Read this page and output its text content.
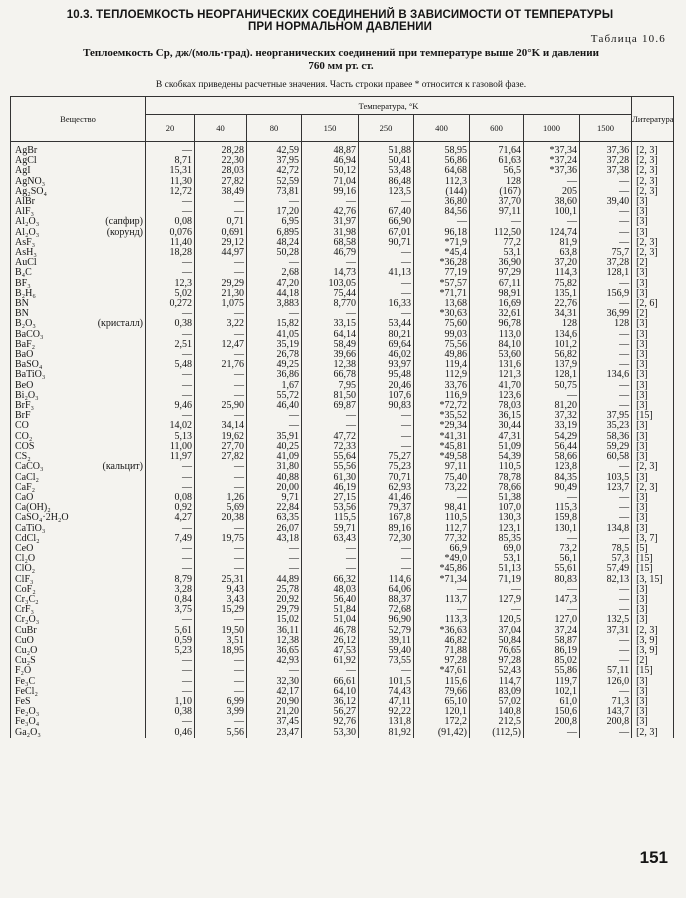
10.3. ТЕПЛОЕМКОСТЬ НЕОРГАНИЧЕСКИХ СОЕДИНЕНИЙ В ЗАВИСИМОСТИ ОТ ТЕМПЕРАТУРЫ
ПРИ НОРМАЛЬНОМ ДАВЛЕНИИ
Таблица 10.6
Теплоемкость Cp, дж/(моль·град). неорганических соединений при температуре выше 20°K и давлении
760 мм рт. ст.
В скобках приведены расчетные значения. Часть строки правее * относится к газовой фазе.
Вещество		Температура, °K									Литература
		20	40	80	150	250	400	600	1000	1500	
AgBr		—	28,28	42,59	48,87	51,88	58,95	71,64	*37,34	37,36	[2, 3]
AgCl		8,71	22,30	37,95	46,94	50,41	56,86	61,63	*37,24	37,28	[2, 3]
AgI		15,31	28,03	42,72	50,12	53,48	64,68	56,5	*37,36	37,38	[2, 3]
AgNO₃		11,30	27,82	52,59	71,04	86,48	112,3	128	—	—	[2, 3]
Ag₂SO₄		12,72	38,49	73,81	99,16	123,5	(144)	(167)	205	—	[2, 3]
AlBr		—	—	—	—	—	36,80	37,70	38,60	39,40	[3]
AlF₃		—	—	17,20	42,76	67,40	84,56	97,11	100,1	—	[3]
Al₂O₃	(сапфир)	0,08	0,71	6,95	31,97	66,90	—	—	—	—	[3]
Al₂O₃	(корунд)	0,076	0,691	6,895	31,98	67,01	96,18	112,50	124,74	—	[3]
AsF₃		11,40	29,12	48,24	68,58	90,71	*71,9	77,2	81,9	—	[2, 3]
AsH₃		18,28	44,97	50,28	46,79	—	*45,4	53,1	63,8	75,7	[2, 3]
AuCl		—	—	—	—	—	*36,28	36,90	37,20	37,28	[2]
B₄C		—	—	2,68	14,73	41,13	77,19	97,29	114,3	128,1	[3]
BF₃		12,3	29,29	47,20	103,05	—	*57,57	67,11	75,82	—	[3]
B₂H₆		5,02	21,30	44,18	75,44	—	*71,71	98,91	135,1	156,9	[3]
BN		0,272	1,075	3,883	8,770	16,33	13,68	16,69	22,76	—	[2, 6]
BN		—	—	—	—	—	*30,63	32,61	34,31	36,99	[2]
B₂O₃	(кристалл)	0,38	3,22	15,82	33,15	53,44	75,60	96,78	128	128	[3]
BaCO₃		—	—	41,05	64,14	80,21	99,03	113,0	134,6	—	[3]
BaF₂		2,51	12,47	35,19	58,49	69,64	75,56	84,10	101,2	—	[3]
BaO		—	—	26,78	39,66	46,02	49,86	53,60	56,82	—	[3]
BaSO₄		5,48	21,76	49,25	12,38	93,97	119,4	131,6	137,9	—	[3]
BaTiO₃		—	—	36,86	66,78	95,48	112,9	121,3	128,1	134,6	[3]
BeO		—	—	1,67	7,95	20,46	33,76	41,70	50,75	—	[3]
Bi₂O₃		—	—	55,72	81,50	107,6	116,9	123,6	—	—	[3]
BrF₃		9,46	25,90	46,40	69,87	90,83	*72,72	78,03	81,20	—	[3]
BrF		—	—	—	—	—	*35,52	36,15	37,32	37,95	[15]
CO		14,02	34,14	—	—	—	*29,34	30,44	33,19	35,23	[3]
CO₂		5,13	19,62	35,91	47,72	—	*41,31	47,31	54,29	58,36	[3]
COS		11,00	27,70	40,25	72,33	—	*45,81	51,09	56,44	59,29	[3]
CS₂		11,97	27,82	41,09	55,64	75,27	*49,58	54,39	58,66	60,58	[3]
CaCO₃	(кальцит)	—	—	31,80	55,56	75,23	97,11	110,5	123,8	—	[2, 3]
CaCl₂		—	—	40,88	61,30	70,71	75,40	78,78	84,35	103,5	[3]
CaF₂		—	—	20,00	46,19	62,93	73,22	78,66	90,49	123,7	[2, 3]
CaO		0,08	1,26	9,71	27,15	41,46	—	51,38	—	—	[3]
Ca(OH)₂		0,92	5,69	22,84	53,56	79,37	98,41	107,0	115,3	—	[3]
CaSO₄·2H₂O		4,27	20,38	63,35	115,5	167,8	110,5	130,3	159,8	—	[3]
CaTiO₃		—	—	26,07	59,71	89,16	112,7	123,1	130,1	134,8	[3]
CdCl₂		7,49	19,75	43,18	63,43	72,30	77,32	85,35	—	—	[3, 7]
CeO		—	—	—	—	—	66,9	69,0	73,2	78,5	[5]
Cl₂O		—	—	—	—	—	*49,0	53,1	56,1	57,3	[15]
ClO₂		—	—	—	—	—	*45,86	51,13	55,61	57,49	[15]
ClF₃		8,79	25,31	44,89	66,32	114,6	*71,34	71,19	80,83	82,13	[3, 15]
CoF₂		3,28	9,43	25,78	48,03	64,06	—	—	—	—	[3]
Cr₃C₂		0,84	3,43	20,92	56,40	88,37	113,7	127,9	147,3	—	[3]
CrF₃		3,75	15,29	29,79	51,84	72,68	—	—	—	—	[3]
Cr₂O₃		—	—	15,02	51,04	96,90	113,3	120,5	127,0	132,5	[3]
CuBr		5,61	19,50	36,11	46,78	52,79	*36,63	37,04	37,24	37,31	[2, 3]
CuO		0,59	3,51	12,38	26,12	39,11	46,82	50,84	58,87	—	[3, 9]
Cu₂O		5,23	18,95	36,65	47,53	59,40	71,88	76,65	86,19	—	[3, 9]
Cu₂S		—	—	42,93	61,92	73,55	97,28	97,28	85,02	—	[2]
F₂O		—	—	—	—	—	*47,61	52,43	55,86	57,11	[15]
Fe₃C		—	—	32,30	66,61	101,5	115,6	114,7	119,7	126,0	[3]
FeCl₂		—	—	42,17	64,10	74,43	79,66	83,09	102,1	—	[3]
FeS		1,10	6,99	20,90	36,12	47,11	65,10	57,02	61,0	71,3	[3]
Fe₂O₃		0,38	3,99	21,20	56,27	92,22	120,1	140,8	150,6	143,7	[3]
Fe₃O₄		—	—	37,45	92,76	131,8	172,2	212,5	200,8	200,8	[3]
Ga₂O₃		0,46	5,56	23,47	53,30	81,92	(91,42)	(112,5)	—	—	[2, 3]
151
